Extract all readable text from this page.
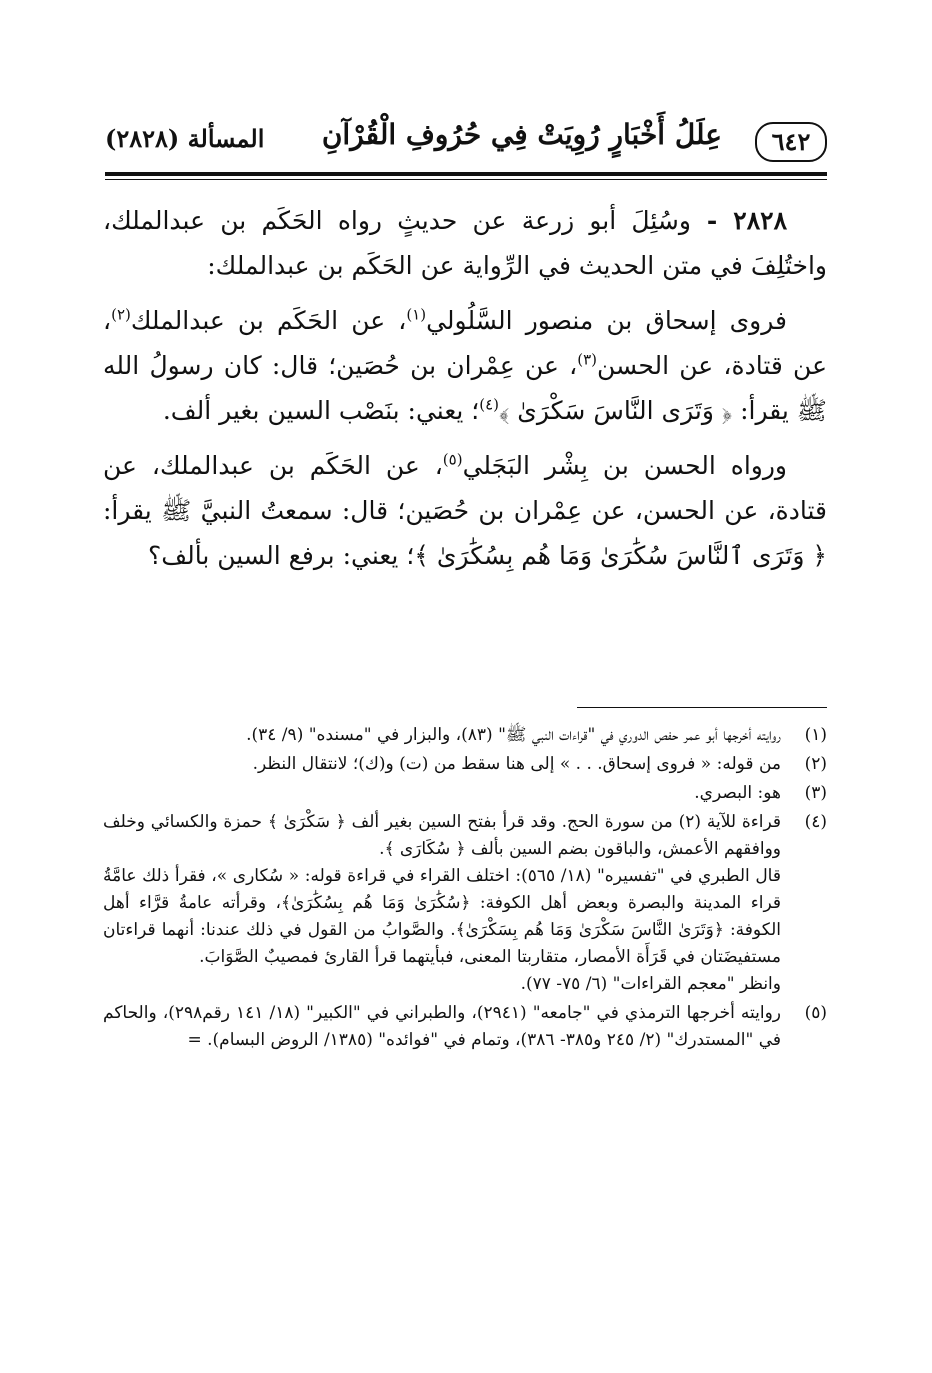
٦٤٢
عِلَلُ أَخْبَارٍ رُوِيَتْ فِي حُرُوفِ الْقُرْآنِ
المسألة (٢٨٢٨)

٢٨٢٨ - وسُئِلَ أبو زرعة عن حديثٍ رواه الحَكَم بن عبدالملك، واختُلِفَ في متن الحديث في الرِّواية عن الحَكَم بن عبدالملك:

فروى إسحاق بن منصور السَّلُولي$^{(١)}$، عن الحَكَم بن عبدالملك$^{(٢)}$، عن قتادة، عن الحسن$^{(٣)}$، عن عِمْران بن حُصَين؛ قال: كان رسولُ الله ﷺ يقرأ: ﴿ وَتَرَى النَّاسَ سَكْرَىٰ ﴾$^{(٤)}$؛ يعني: بنَصْب السين بغير ألف.

ورواه الحسن بن بِشْر البَجَلي$^{(٥)}$، عن الحَكَم بن عبدالملك، عن قتادة، عن الحسن، عن عِمْران بن حُصَين؛ قال: سمعتُ النبيَّ ﷺ يقرأ: ﴿ وَتَرَى ٱلنَّاسَ سُكَٰرَىٰ وَمَا هُم بِسُكَٰرَىٰ ﴾؛ يعني: برفع السين بألف؟

(١)
روايته أخرجها أبو عمر حفص الدوري في "قراءات النبي ﷺ" (٨٣)، والبزار في "مسنده" (٩/ ٣٤).
(٢)
من قوله: « فروى إسحاق. . . » إلى هنا سقط من (ت) و(ك)؛ لانتقال النظر.
(٣)
هو: البصري.
(٤)
قراءة للآية (٢) من سورة الحج. وقد قرأ بفتح السين بغير ألف ﴿ سَكْرَىٰ ﴾ حمزة والكسائي وخلف ووافقهم الأعمش، والباقون بضم السين بألف ﴿ سُكَارَى ﴾.
قال الطبري في "تفسيره" (١٨/ ٥٦٥): اختلف القراء في قراءة قوله: « سُكارى »، فقرأ ذلك عامَّةُ قراء المدينة والبصرة وبعض أهل الكوفة: ﴿سُكَٰرَىٰ وَمَا هُم بِسُكَٰرَىٰ﴾، وقرأته عامةُ قرَّاء أهل الكوفة: ﴿وَتَرَىٰ النَّاسَ سَكْرَىٰ وَمَا هُم بِسَكْرَىٰ﴾. والصَّوابُ من القول في ذلك عندنا: أنهما قراءتان مستفيضَتان في قَرَأَة الأمصار، متقاربتا المعنى، فبأيتهما قرأ القارئ فمصيبٌ الصَّوَابَ.
وانظر "معجم القراءات" (٦/ ٧٥- ٧٧).
(٥)
روايته أخرجها الترمذي في "جامعه" (٢٩٤١)، والطبراني في "الكبير" (١٨/ ١٤١ رقم٢٩٨)، والحاكم في "المستدرك" (٢/ ٢٤٥ و٣٨٥- ٣٨٦)، وتمام في "فوائده" (١٣٨٥/ الروض البسام). =
